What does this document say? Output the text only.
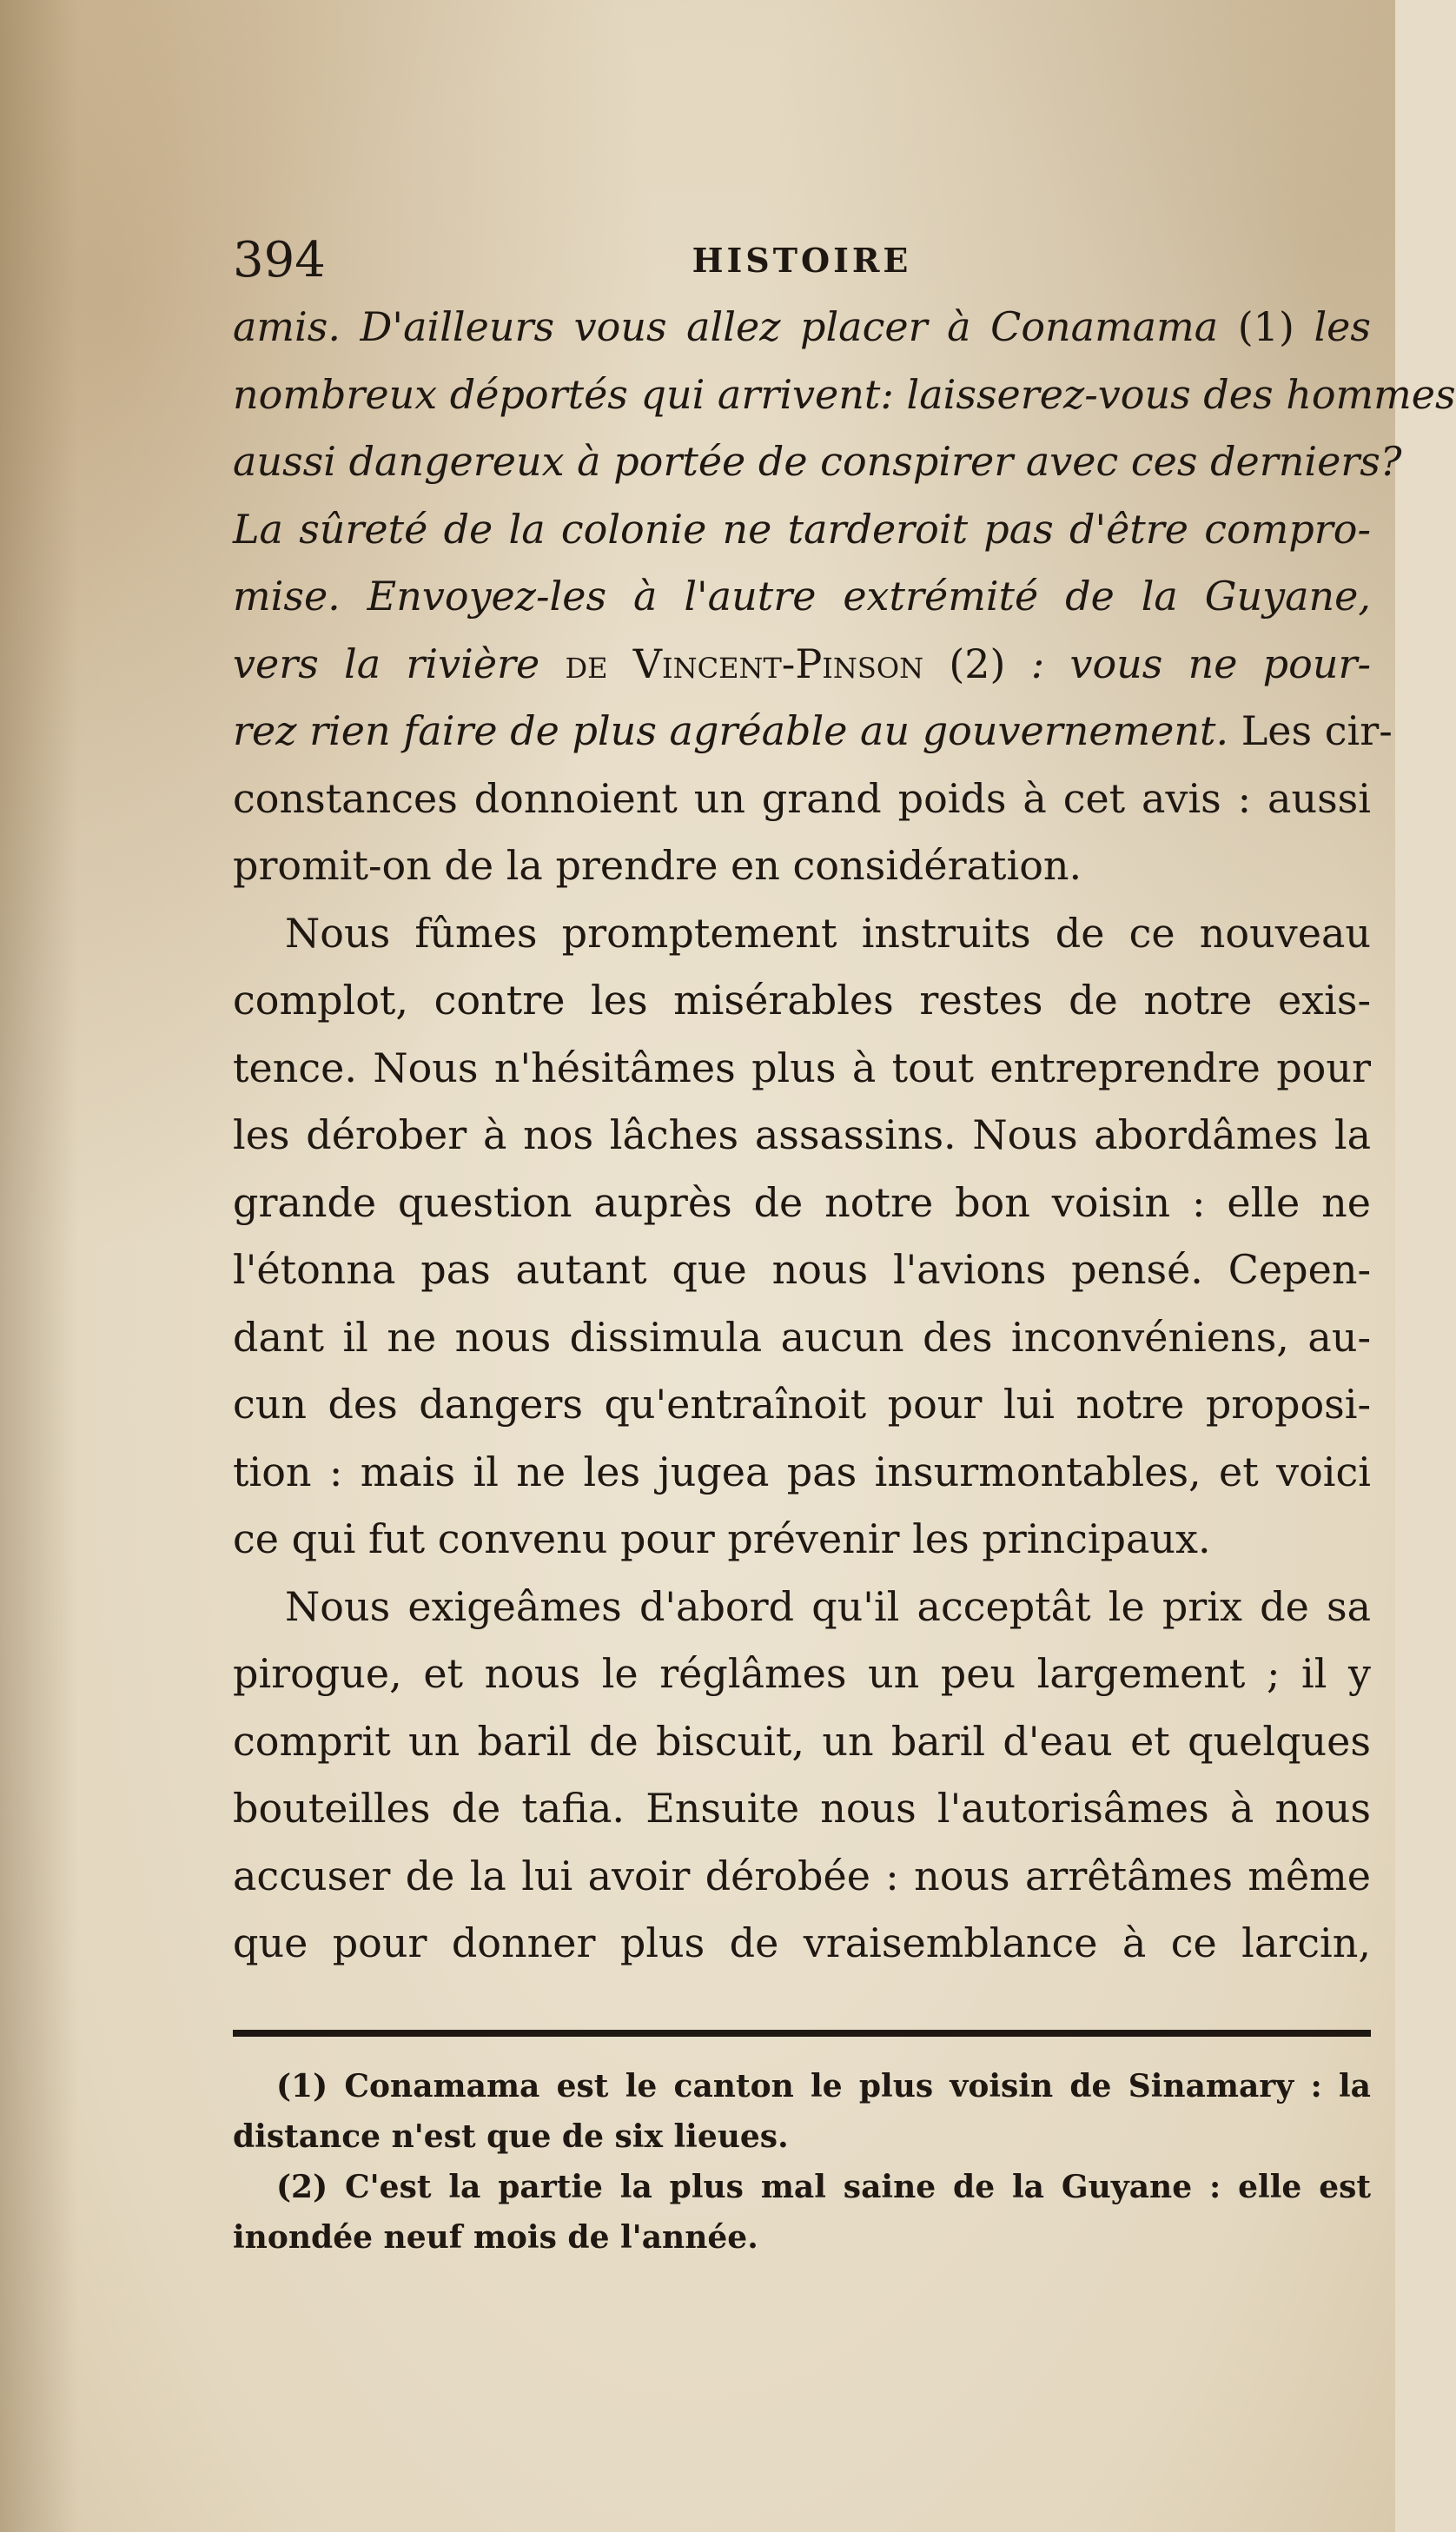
394	HISTOIRE
amis. D'ailleurs vous allez placer à Conamama (1) les
nombreux déportés qui arrivent: laisserez-vous des hommes
aussi dangereux à portée de conspirer avec ces derniers?
La sûreté de la colonie ne tarderoit pas d'être compro-
mise. Envoyez-les à l'autre extrémité de la Guyane,
vers la rivière de Vincent-Pinson (2) : vous ne pour-
rez rien faire de plus agréable au gouvernement. Les cir-
constances donnoient un grand poids à cet avis : aussi
promit-on de la prendre en considération.
Nous fûmes promptement instruits de ce nouveau
complot, contre les misérables restes de notre exis-
tence. Nous n'hésitâmes plus à tout entreprendre pour
les dérober à nos lâches assassins. Nous abordâmes la
grande question auprès de notre bon voisin : elle ne
l'étonna pas autant que nous l'avions pensé. Cepen-
dant il ne nous dissimula aucun des inconvéniens, au-
cun des dangers qu'entraînoit pour lui notre proposi-
tion : mais il ne les jugea pas insurmontables, et voici
ce qui fut convenu pour prévenir les principaux.
Nous exigeâmes d'abord qu'il acceptât le prix de sa
pirogue, et nous le réglâmes un peu largement ; il y
comprit un baril de biscuit, un baril d'eau et quelques
bouteilles de tafia. Ensuite nous l'autorisâmes à nous
accuser de la lui avoir dérobée : nous arrêtâmes même
que pour donner plus de vraisemblance à ce larcin,
(1) Conamama est le canton le plus voisin de Sinamary : la
distance n'est que de six lieues.
(2) C'est la partie la plus mal saine de la Guyane : elle est
inondée neuf mois de l'année.
